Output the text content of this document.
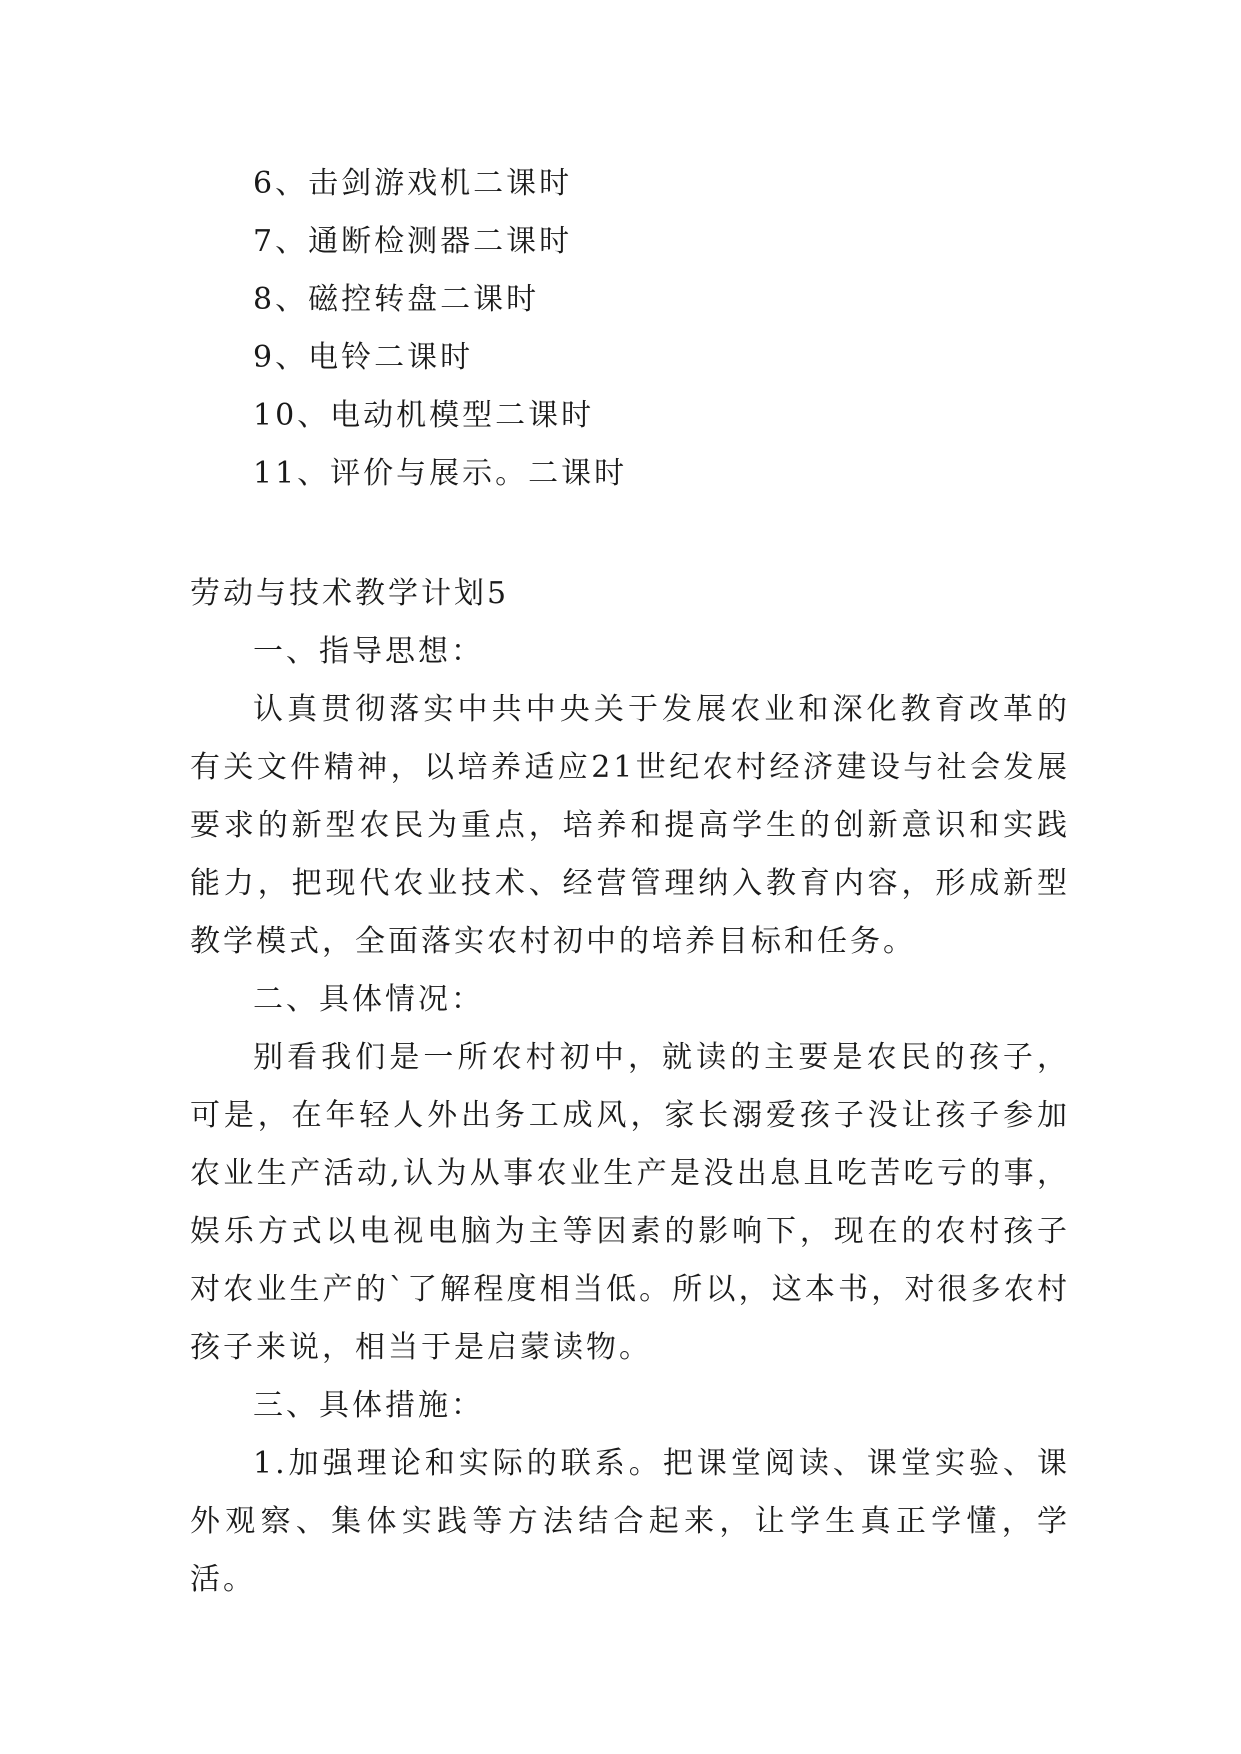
6、击剑游戏机二课时
7、通断检测器二课时
8、磁控转盘二课时
9、电铃二课时
10、电动机模型二课时
11、评价与展示。二课时
劳动与技术教学计划5
一、指导思想：

认真贯彻落实中共中央关于发展农业和深化教育改革的有关文件精神，以培养适应21世纪农村经济建设与社会发展要求的新型农民为重点，培养和提高学生的创新意识和实践能力，把现代农业技术、经营管理纳入教育内容，形成新型教学模式，全面落实农村初中的培养目标和任务。

二、具体情况：

别看我们是一所农村初中，就读的主要是农民的孩子，可是，在年轻人外出务工成风，家长溺爱孩子没让孩子参加农业生产活动,认为从事农业生产是没出息且吃苦吃亏的事，娱乐方式以电视电脑为主等因素的影响下，现在的农村孩子对农业生产的`了解程度相当低。所以，这本书，对很多农村孩子来说，相当于是启蒙读物。

三、具体措施：

1.加强理论和实际的联系。把课堂阅读、课堂实验、课外观察、集体实践等方法结合起来，让学生真正学懂，学活。
